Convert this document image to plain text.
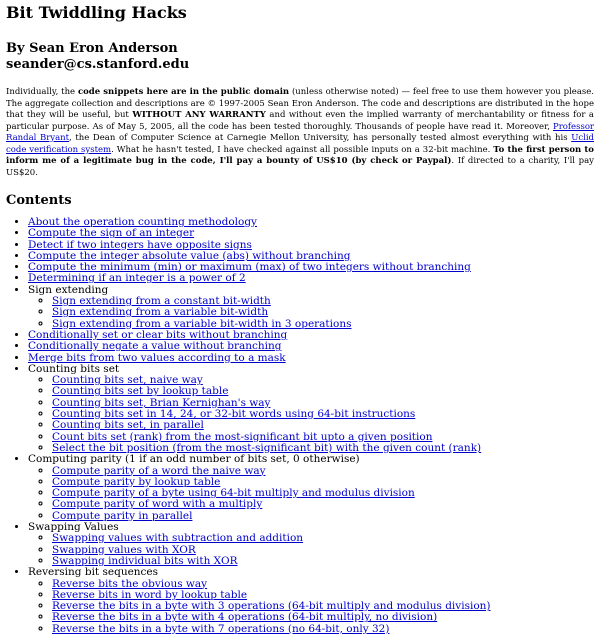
Bit Twiddling Hacks
By Sean Eron Anderson
seander@cs.stanford.edu

Individually, the code snippets here are in the public domain (unless otherwise noted) — feel free to use them however you please. The aggregate collection and descriptions are © 1997-2005 Sean Eron Anderson. The code and descriptions are distributed in the hope that they will be useful, but WITHOUT ANY WARRANTY and without even the implied warranty of merchantability or fitness for a particular purpose. As of May 5, 2005, all the code has been tested thoroughly. Thousands of people have read it. Moreover, Professor Randal Bryant, the Dean of Computer Science at Carnegie Mellon University, has personally tested almost everything with his Uclid code verification system. What he hasn't tested, I have checked against all possible inputs on a 32-bit machine. To the first person to inform me of a legitimate bug in the code, I'll pay a bounty of US$10 (by check or Paypal). If directed to a charity, I'll pay US$20.

Contents
• About the operation counting methodology
• Compute the sign of an integer
• Detect if two integers have opposite signs
• Compute the integer absolute value (abs) without branching
• Compute the minimum (min) or maximum (max) of two integers without branching
• Determining if an integer is a power of 2
• Sign extending
◦ Sign extending from a constant bit-width
◦ Sign extending from a variable bit-width
◦ Sign extending from a variable bit-width in 3 operations
• Conditionally set or clear bits without branching
• Conditionally negate a value without branching
• Merge bits from two values according to a mask
• Counting bits set
◦ Counting bits set, naive way
◦ Counting bits set by lookup table
◦ Counting bits set, Brian Kernighan's way
◦ Counting bits set in 14, 24, or 32-bit words using 64-bit instructions
◦ Counting bits set, in parallel
◦ Count bits set (rank) from the most-significant bit upto a given position
◦ Select the bit position (from the most-significant bit) with the given count (rank)
• Computing parity (1 if an odd number of bits set, 0 otherwise)
◦ Compute parity of a word the naive way
◦ Compute parity by lookup table
◦ Compute parity of a byte using 64-bit multiply and modulus division
◦ Compute parity of word with a multiply
◦ Compute parity in parallel
• Swapping Values
◦ Swapping values with subtraction and addition
◦ Swapping values with XOR
◦ Swapping individual bits with XOR
• Reversing bit sequences
◦ Reverse bits the obvious way
◦ Reverse bits in word by lookup table
◦ Reverse the bits in a byte with 3 operations (64-bit multiply and modulus division)
◦ Reverse the bits in a byte with 4 operations (64-bit multiply, no division)
◦ Reverse the bits in a byte with 7 operations (no 64-bit, only 32)
